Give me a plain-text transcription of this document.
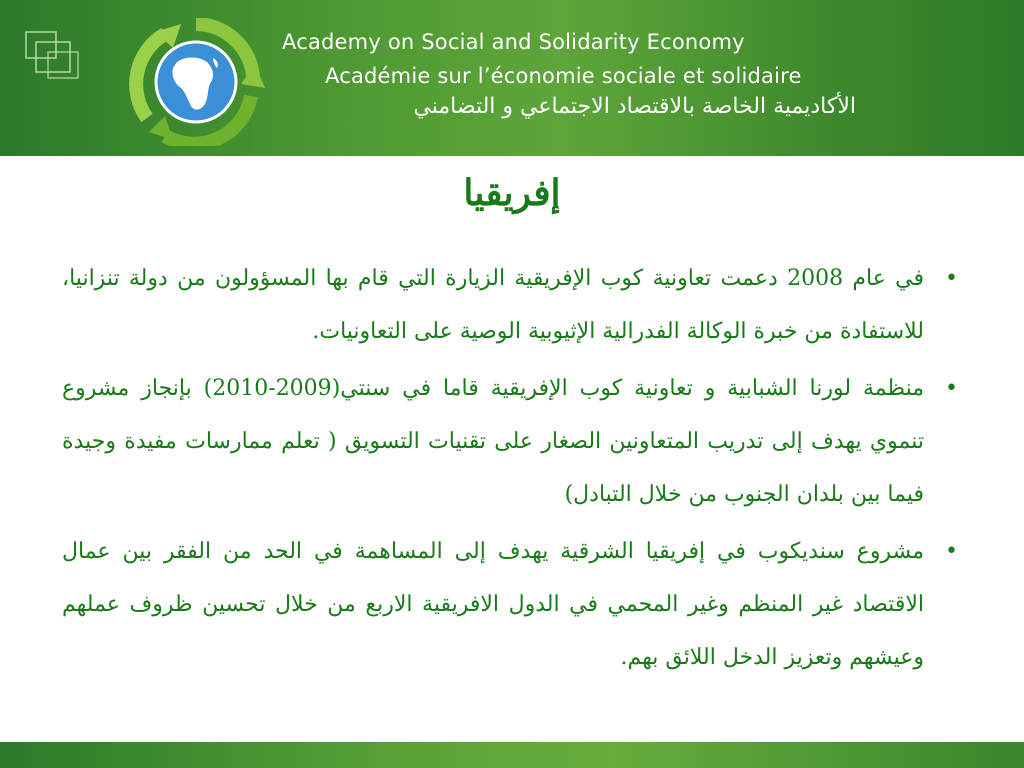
Academy on Social and Solidarity Economy
Académie sur l’économie sociale et solidaire
الأكاديمية الخاصة بالاقتصاد الاجتماعي و التضامني
إفريقيا
•
في عام 2008 دعمت تعاونية كوب الإفريقية الزيارة التي قام بها المسؤولون من دولة تنزانيا، للاستفادة من خبرة الوكالة الفدرالية الإثيوبية الوصية على التعاونيات.
•
منظمة لورنا الشبابية و تعاونية كوب الإفريقية قاما في سنتي(2009-2010) بإنجاز مشروع تنموي يهدف إلى تدريب المتعاونين الصغار على تقنيات التسويق ( تعلم ممارسات مفيدة وجيدة فيما بين بلدان الجنوب من خلال التبادل)
•
مشروع سنديكوب في إفريقيا الشرقية يهدف إلى المساهمة في الحد من الفقر بين عمال الاقتصاد غير المنظم وغير المحمي في الدول الافريقية الاربع من خلال تحسين ظروف عملهم وعيشهم وتعزيز الدخل اللائق بهم.
